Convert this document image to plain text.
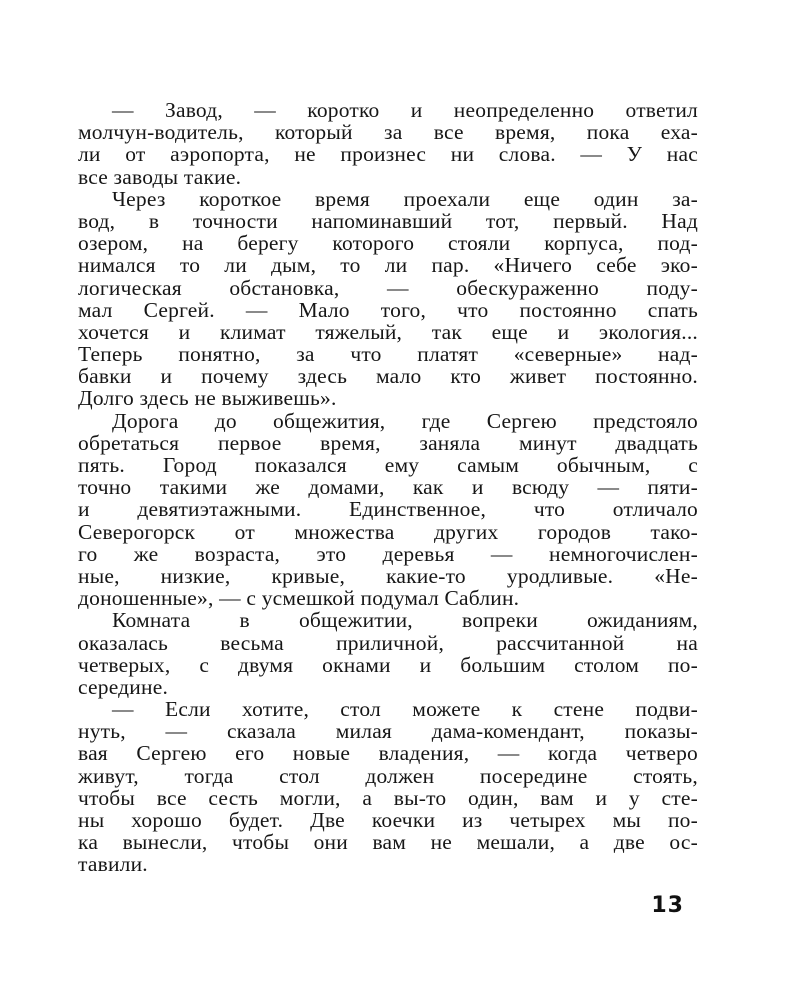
— Завод, — коротко и неопределенно ответил
молчун-водитель, который за все время, пока еха-
ли от аэропорта, не произнес ни слова. — У нас
все заводы такие.
Через короткое время проехали еще один за-
вод, в точности напоминавший тот, первый. Над
озером, на берегу которого стояли корпуса, под-
нимался то ли дым, то ли пар. «Ничего себе эко-
логическая обстановка, — обескураженно поду-
мал Сергей. — Мало того, что постоянно спать
хочется и климат тяжелый, так еще и экология...
Теперь понятно, за что платят «северные» над-
бавки и почему здесь мало кто живет постоянно.
Долго здесь не выживешь».
Дорога до общежития, где Сергею предстояло
обретаться первое время, заняла минут двадцать
пять. Город показался ему самым обычным, с
точно такими же домами, как и всюду — пяти-
и девятиэтажными. Единственное, что отличало
Северогорск от множества других городов тако-
го же возраста, это деревья — немногочислен-
ные, низкие, кривые, какие-то уродливые. «Не-
доношенные», — с усмешкой подумал Саблин.
Комната в общежитии, вопреки ожиданиям,
оказалась весьма приличной, рассчитанной на
четверых, с двумя окнами и большим столом по-
середине.
— Если хотите, стол можете к стене подви-
нуть, — сказала милая дама-комендант, показы-
вая Сергею его новые владения, — когда четверо
живут, тогда стол должен посередине стоять,
чтобы все сесть могли, а вы-то один, вам и у сте-
ны хорошо будет. Две коечки из четырех мы по-
ка вынесли, чтобы они вам не мешали, а две ос-
тавили.
13
